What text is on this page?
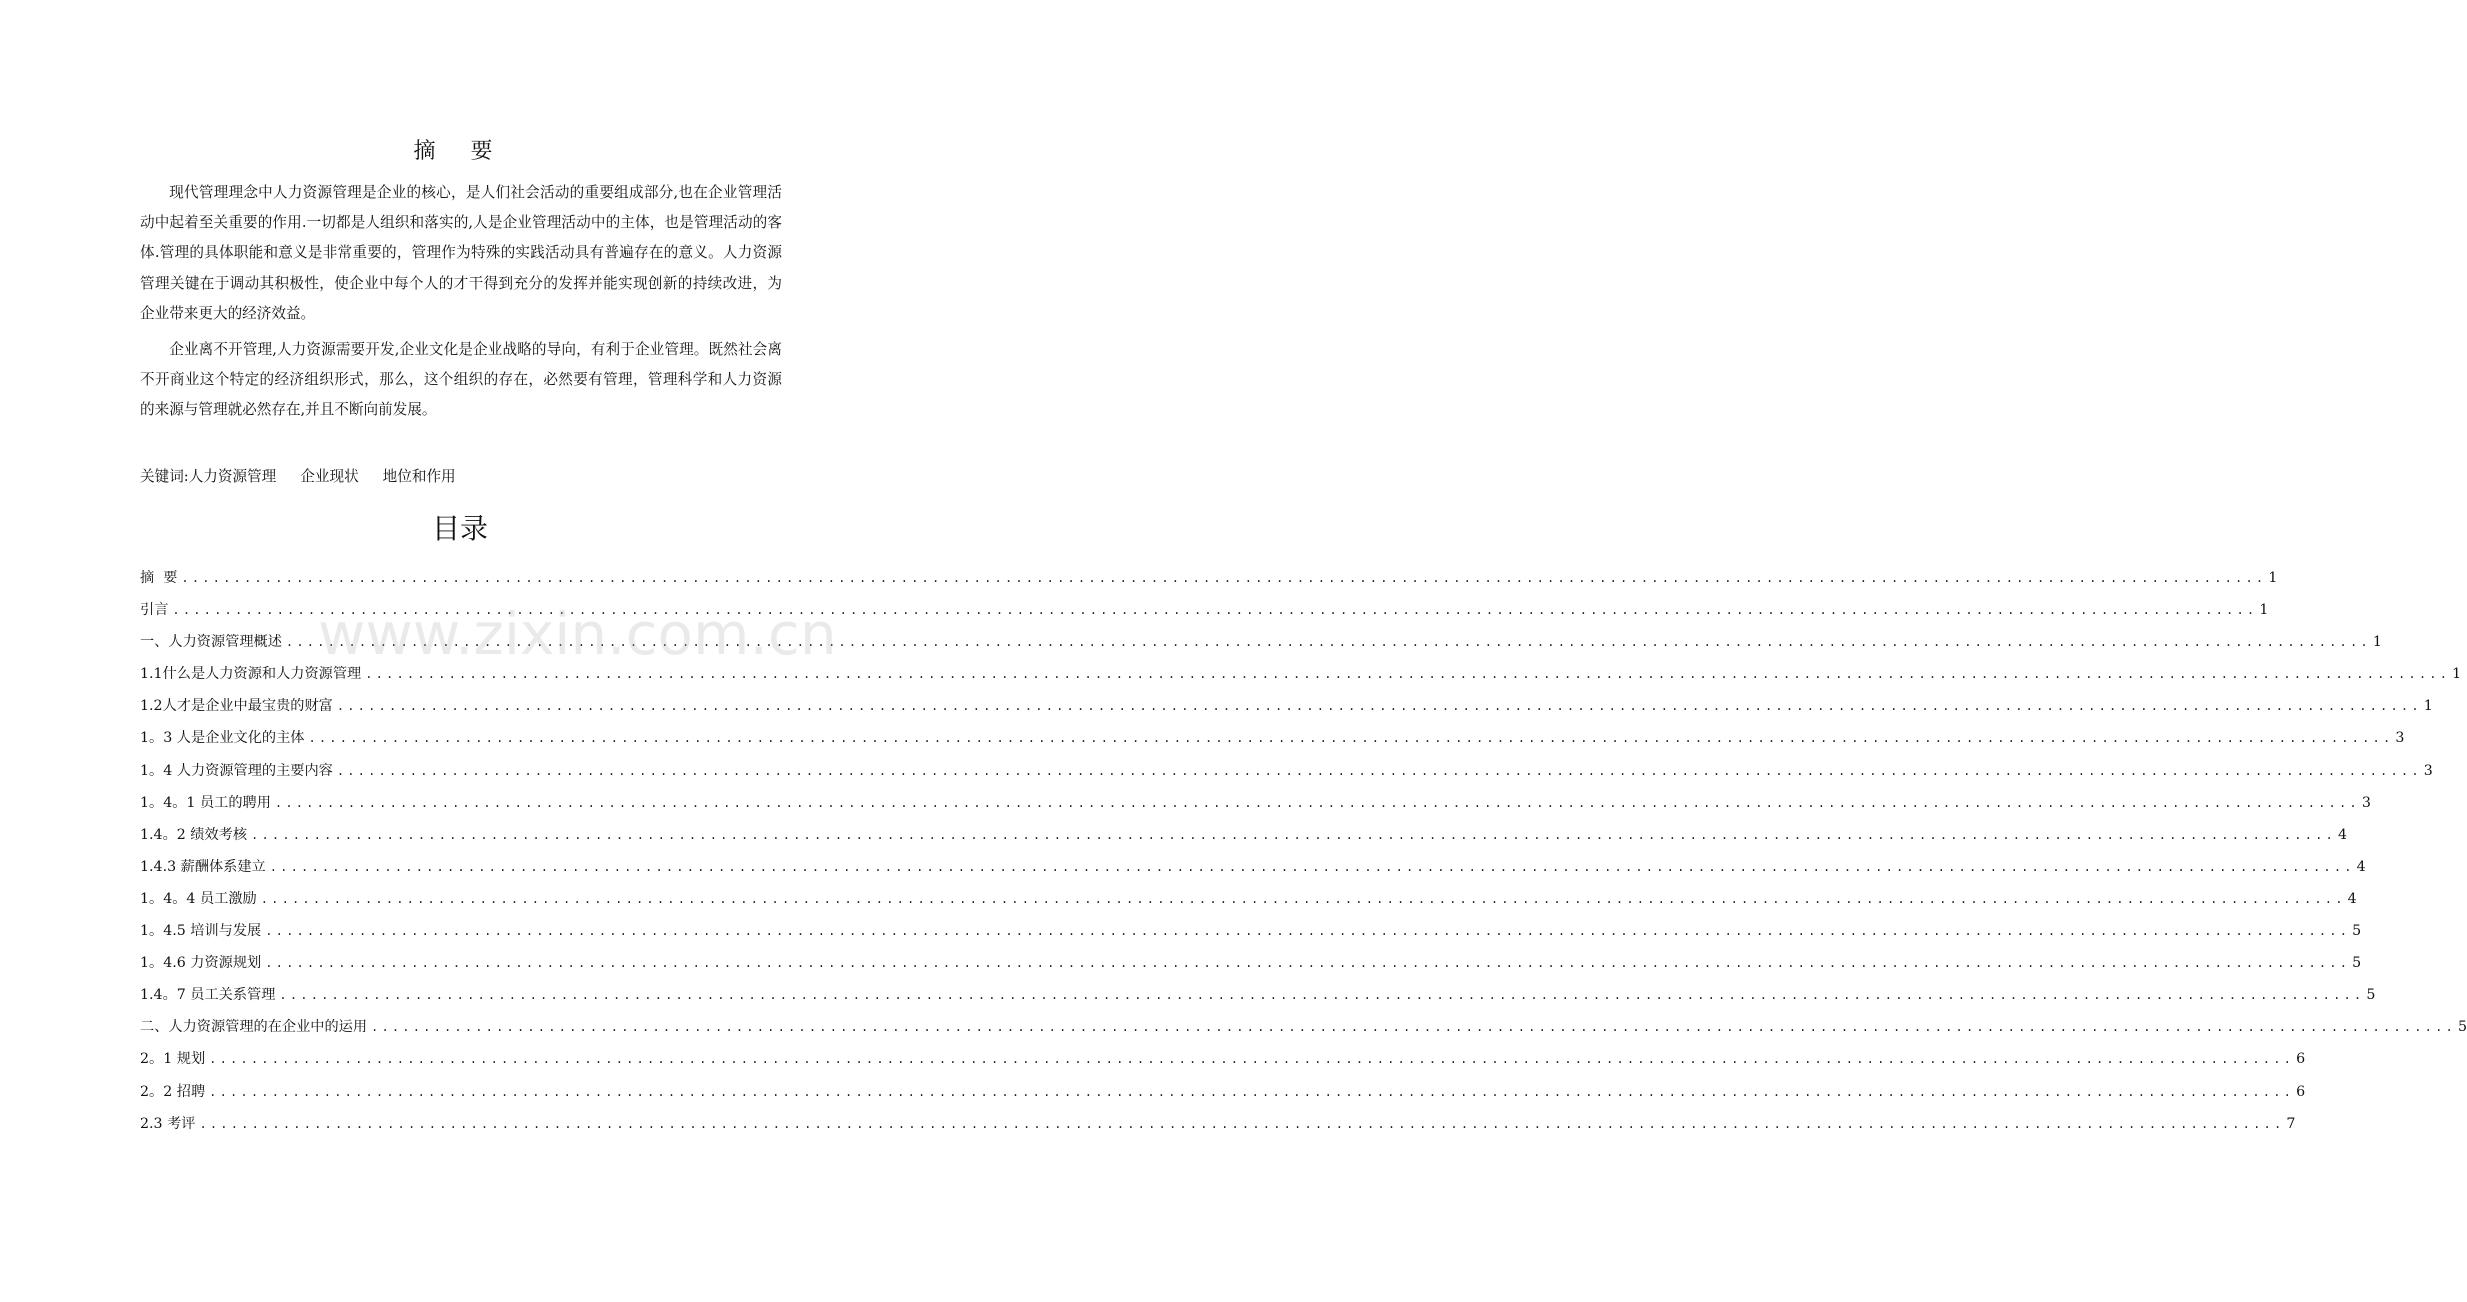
摘 要

现代管理理念中人力资源管理是企业的核心，是人们社会活动的重要组成部分,也在企业管理活动中起着至关重要的作用.一切都是人组织和落实的,人是企业管理活动中的主体，也是管理活动的客体.管理的具体职能和意义是非常重要的，管理作为特殊的实践活动具有普遍存在的意义。人力资源管理关键在于调动其积极性，使企业中每个人的才干得到充分的发挥并能实现创新的持续改进，为企业带来更大的经济效益。

企业离不开管理,人力资源需要开发,企业文化是企业战略的导向，有利于企业管理。既然社会离不开商业这个特定的经济组织形式，那么，这个组织的存在，必然要有管理，管理科学和人力资源的来源与管理就必然存在,并且不断向前发展。

关键词:人力资源管理 企业现状 地位和作用
目录
摘  要 ........................................................................................................................................................................................................ 1
引言 ........................................................................................................................................................................................................ 1
一、人力资源管理概述 ........................................................................................................................................................................................................ 1
1.1什么是人力资源和人力资源管理 ........................................................................................................................................................................................................ 1
1.2人才是企业中最宝贵的财富 ........................................................................................................................................................................................................ 1
1。3 人是企业文化的主体 ........................................................................................................................................................................................................ 3
1。4 人力资源管理的主要内容 ........................................................................................................................................................................................................ 3
1。4。1 员工的聘用 ........................................................................................................................................................................................................ 3
1.4。2 绩效考核 ........................................................................................................................................................................................................ 4
1.4.3 薪酬体系建立 ........................................................................................................................................................................................................ 4
1。4。4 员工激励 ........................................................................................................................................................................................................ 4
1。4.5 培训与发展 ........................................................................................................................................................................................................ 5
1。4.6 力资源规划 ........................................................................................................................................................................................................ 5
1.4。7 员工关系管理 ........................................................................................................................................................................................................ 5
二、人力资源管理的在企业中的运用 ........................................................................................................................................................................................................ 5
2。1 规划 ........................................................................................................................................................................................................ 6
2。2 招聘 ........................................................................................................................................................................................................ 6
2.3 考评 ........................................................................................................................................................................................................ 7
www.zixin.com.cn
